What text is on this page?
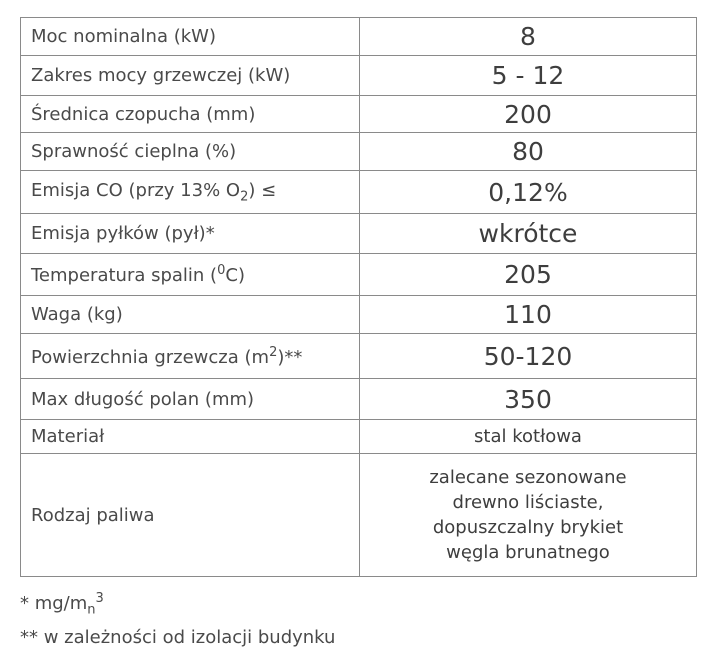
Moc nominalna (kW)	8
Zakres mocy grzewczej (kW)	5 - 12
Średnica czopucha (mm)	200
Sprawność cieplna (%)	80
Emisja CO (przy 13% $O_2$) ≤	0,12%
Emisja pyłków (pył)*	wkrótce
Temperatura spalin ($^0$C)	205
Waga (kg)	110
Powierzchnia grzewcza $(m^2)**$	50-120
Max długość polan (mm)	350
Materiał	stal kotłowa
Rodzaj paliwa	zalecane sezonowane
drewno liściaste,
dopuszczalny brykiet
węgla brunatnego
* $mg/m_n^3$
** w zależności od izolacji budynku
